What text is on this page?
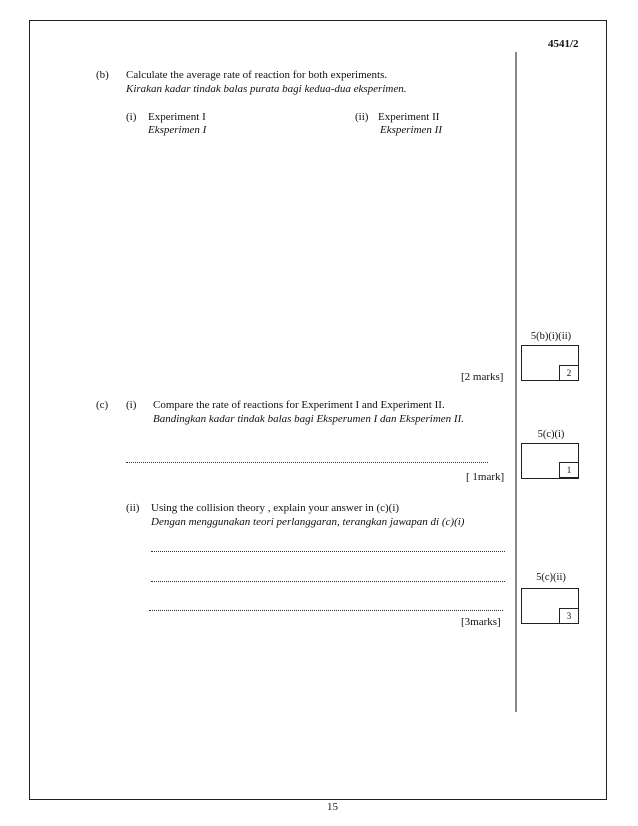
4541/2
(b) Calculate the average rate of reaction for both experiments.
Kirakan kadar tindak balas purata bagi kedua-dua eksperimen.
(i) Experiment I
Eksperimen I
(ii) Experiment II
Eksperimen II
[2 marks]
5(b)(i)(ii)
2
(c) (i) Compare the rate of reactions for Experiment I and Experiment II.
Bandingkan kadar tindak balas bagi Eksperumen I dan Eksperimen II.
[ 1mark]
5(c)(i)
1
(ii) Using the collision theory , explain your answer in (c)(i)
Dengan menggunakan teori perlanggaran, terangkan jawapan di (c)(i)
[3marks]
5(c)(ii)
3
15
